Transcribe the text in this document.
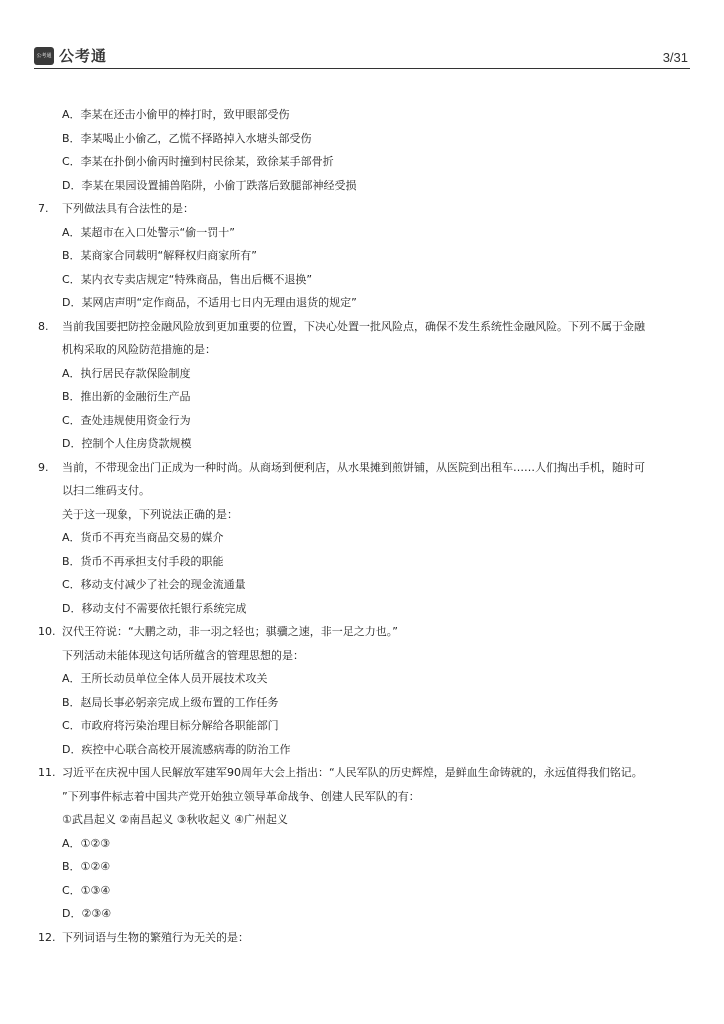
公考通 公考通	3/31
A．李某在还击小偷甲的棒打时，致甲眼部受伤
B．李某喝止小偷乙，乙慌不择路掉入水塘头部受伤
C．李某在扑倒小偷丙时撞到村民徐某，致徐某手部骨折
D．李某在果园设置捕兽陷阱，小偷丁跌落后致腿部神经受损
7.	下列做法具有合法性的是：
A．某超市在入口处警示“偷一罚十”
B．某商家合同载明“解释权归商家所有”
C．某内衣专卖店规定“特殊商品，售出后概不退换”
D．某网店声明“定作商品，不适用七日内无理由退货的规定”
8.	当前我国要把防控金融风险放到更加重要的位置，下决心处置一批风险点，确保不发生系统性金融风险。下列不属于金融
机构采取的风险防范措施的是：
A．执行居民存款保险制度
B．推出新的金融衍生产品
C．查处违规使用资金行为
D．控制个人住房贷款规模
9.	当前，不带现金出门正成为一种时尚。从商场到便利店，从水果摊到煎饼铺，从医院到出租车……人们掏出手机，随时可
以扫二维码支付。
关于这一现象，下列说法正确的是：
A．货币不再充当商品交易的媒介
B．货币不再承担支付手段的职能
C．移动支付减少了社会的现金流通量
D．移动支付不需要依托银行系统完成
10. 汉代王符说：“大鹏之动，非一羽之轻也；骐骥之速，非一足之力也。”
下列活动未能体现这句话所蕴含的管理思想的是：
A．王所长动员单位全体人员开展技术攻关
B．赵局长事必躬亲完成上级布置的工作任务
C．市政府将污染治理目标分解给各职能部门
D．疾控中心联合高校开展流感病毒的防治工作
11. 习近平在庆祝中国人民解放军建军90周年大会上指出：“人民军队的历史辉煌，是鲜血生命铸就的，永远值得我们铭记。
”下列事件标志着中国共产党开始独立领导革命战争、创建人民军队的有：
①武昌起义 ②南昌起义 ③秋收起义 ④广州起义
A．①②③
B．①②④
C．①③④
D．②③④
12. 下列词语与生物的繁殖行为无关的是：
